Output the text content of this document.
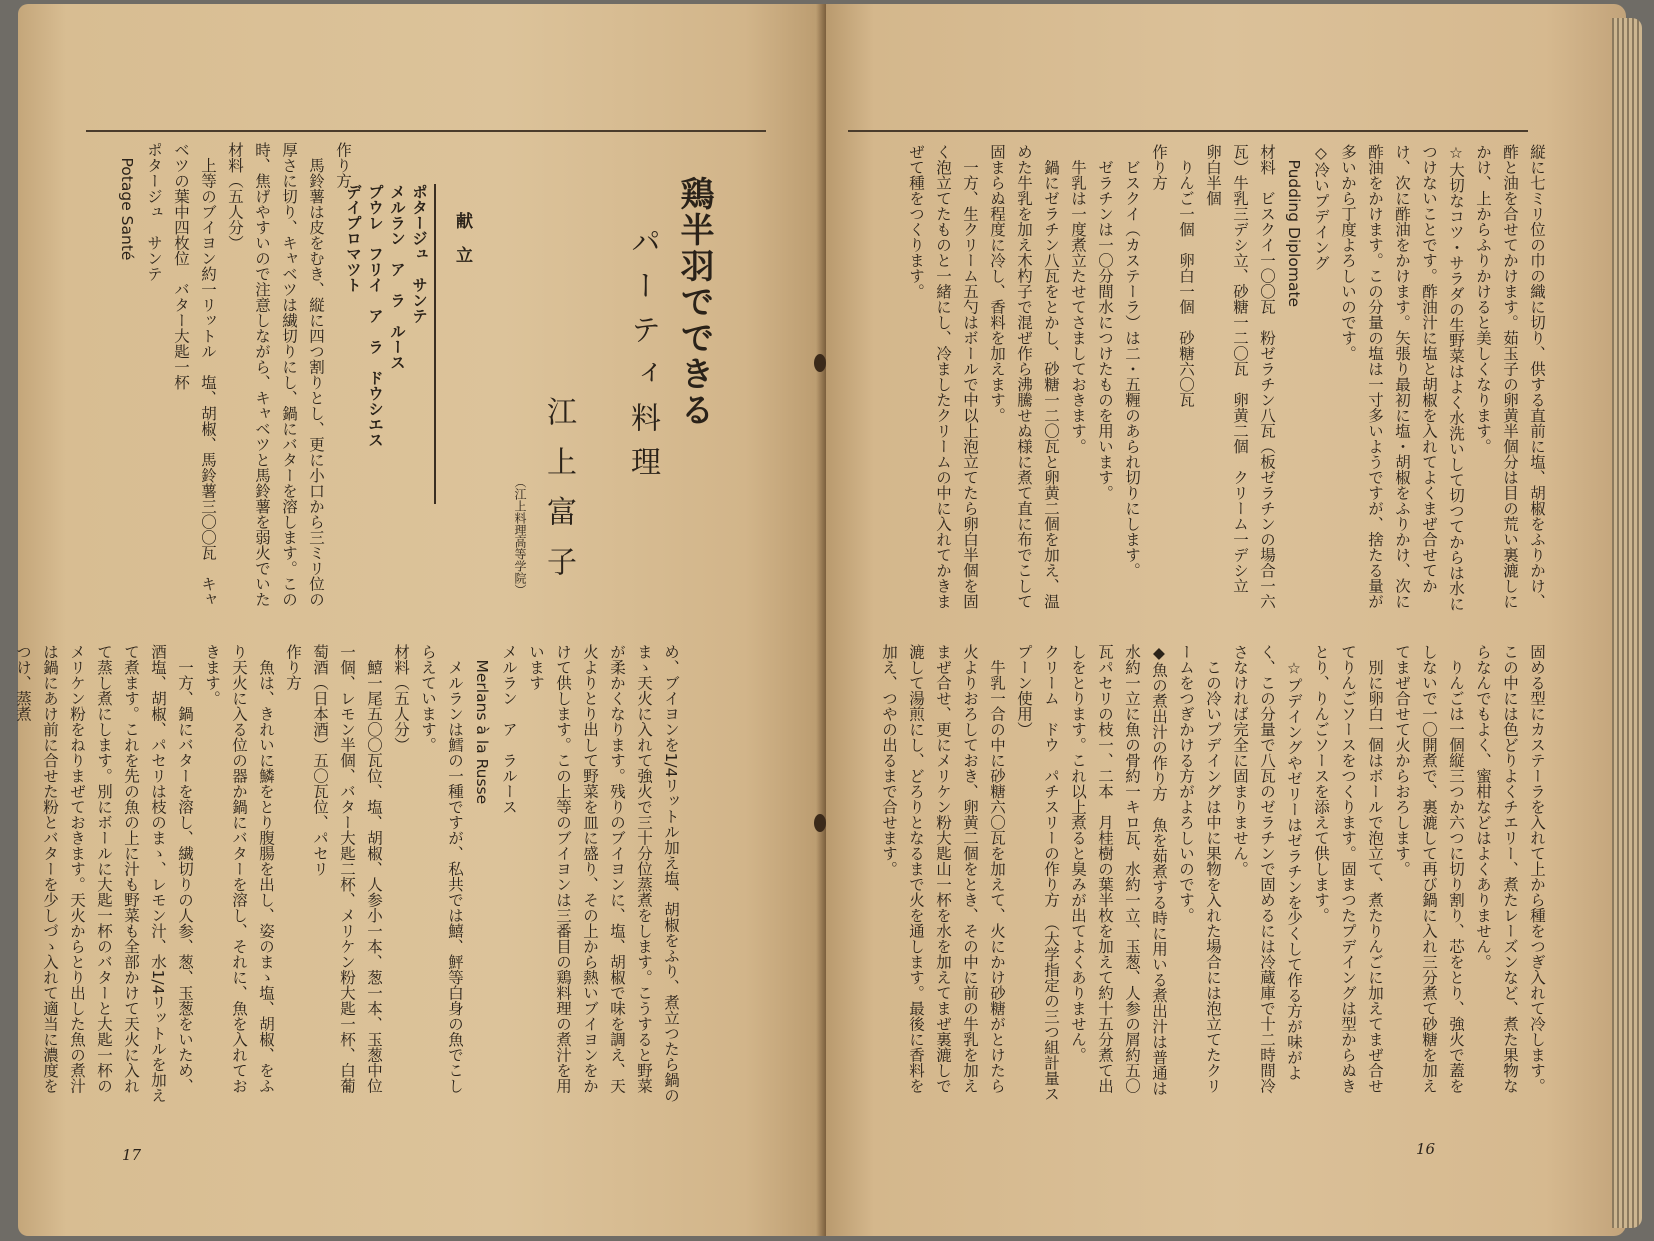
作り方
　馬鈴薯は皮をむき、縦に四つ割りとし、更に小口から三ミリ位の厚さに切り、キャベツは繊切りにし、鍋にバターを溶します。この時、焦げやすいので注意しながら、キャベツと馬鈴薯を弱火でいた
材料（五人分）
　上等のブイヨン約一リットル　塩、胡椒、馬鈴薯三〇〇瓦　キャベツの葉中四枚位　バター大匙一杯
ポタージュ　サンテ
　Potage Santé	献　立
ポタージュ　サンテ
メルラン　ア　ラ　ルース
プウレ　フリイ　ア　ラ　ドウシエス
デイプロマツト	鶏半羽でできる
パーティ料理
江上富子
（江上料理高等学院）
め、ブイヨンを1/4リットル加え塩、胡椒をふり、煮立つたら鍋のまゝ天火に入れて強火で三十分位蒸煮をします。こうすると野菜が柔かくなります。残りのブイヨンに、塩、胡椒で味を調え、天火よりとり出して野菜を皿に盛り、その上から熱いブイヨンをかけて供します。この上等のブイヨンは三番目の鶏料理の煮汁を用います
メルラン　ア　ラルース
　Merlans à la Russe
　メルランは鱈の一種ですが、私共では鱚、鮃等白身の魚でこしらえています。
材料（五人分）
　鱚一尾五〇〇瓦位、塩、胡椒、人参小一本、葱一本、玉葱中位一個、レモン半個、バター大匙二杯、メリケン粉大匙一杯、白葡萄酒（日本酒）五〇瓦位、パセリ
作り方
　魚は、きれいに鱗をとり腹腸を出し、姿のまゝ塩、胡椒、をふり天火に入る位の器か鍋にバターを溶し、それに、魚を入れておきます。
　一方、鍋にバターを溶し、繊切りの人参、葱、玉葱をいため、酒塩、胡椒、パセリは枝のまゝ、レモン汁、水1/4リットルを加えて煮ます。これを先の魚の上に汁も野菜も全部かけて天火に入れて蒸し煮にします。別にボールに大匙一杯のバターと大匙一杯のメリケン粉をねりまぜておきます。天火からとり出した魚の煮汁は鍋にあけ前に合せた粉とバターを少しづゝ入れて適当に濃度をつけ、蒸煮
17
縦に七ミリ位の巾の織に切り、供する直前に塩、胡椒をふりかけ、酢と油を合せてかけます。茹玉子の卵黄半個分は目の荒い裏漉しにかけ、上からふりかけると美しくなります。
☆大切なコツ・サラダの生野菜はよく水洗いして切つてからは水につけないことです。酢油汁に塩と胡椒を入れてよくまぜ合せてかけ、次に酢油をかけます。矢張り最初に塩・胡椒をふりかけ、次に酢油をかけます。この分量の塩は一寸多いようですが、捨たる量が多いから丁度よろしいのです。
◇冷いプデイング
　Pudding Diplomate
材料　ビスクイ一〇〇瓦　粉ゼラチン八瓦（板ゼラチンの場合一六瓦）牛乳三デシ立、砂糖一二〇瓦　卵黄二個　クリーム一デシ立　卵白半個
　りんご一個　卵白一個　砂糖六〇瓦
作り方
　ビスクイ（カステーラ）は二・五糎のあられ切りにします。
　ゼラチンは一〇分間水につけたものを用います。
　牛乳は一度煮立たせてさましておきます。
　鍋にゼラチン八瓦をとかし、砂糖一二〇瓦と卵黄二個を加え、温めた牛乳を加え木杓子で混ぜ作ら沸騰せぬ様に煮て直に布でこして固まらぬ程度に冷し、香料を加えます。
　一方、生クリーム五勺はボールで中以上泡立てたら卵白半個を固く泡立てたものと一緒にし、冷ましたクリームの中に入れてかきまぜて種をつくります。
固める型にカステーラを入れて上から種をつぎ入れて冷します。この中には色どりよくチエリー、煮たレーズンなど、煮た果物ならなんでもよく、蜜柑などはよくありません。
　りんごは一個縦三つか六つに切り割り、芯をとり、強火で蓋をしないで一〇開煮で、裏漉して再び鍋に入れ三分煮て砂糖を加えてまぜ合せて火からおろします。
　別に卵白一個はボールで泡立て、煮たりんごに加えてまぜ合せてりんごソースをつくります。固まつたプデイングは型からぬきとり、りんごソースを添えて供します。
　☆プデイングやゼリーはゼラチンを少くして作る方が味がよく、この分量で八瓦のゼラチンで固めるには冷蔵庫で十二時間冷さなければ完全に固まりません。
　この冷いプデイングは中に果物を入れた場合には泡立てたクリームをつぎかける方がよろしいのです。
◆魚の煮出汁の作り方　魚を茹煮する時に用いる煮出汁は普通は水約一立に魚の骨約一キロ瓦、水約一立、玉葱、人参の屑約五〇瓦パセリの枝一、二本　月桂樹の葉半枚を加えて約十五分煮て出しをとります。これ以上煮ると臭みが出てよくありません。
クリーム　ドウ　パチスリーの作り方　（大学指定の三つ組計量スプーン使用）
　牛乳一合の中に砂糖六〇瓦を加えて、火にかけ砂糖がとけたら火よりおろしておき、卵黄二個をとき、その中に前の牛乳を加えまぜ合せ、更にメリケン粉大匙山一杯を水を加えてまぜ裏漉しで漉して湯煎にし、どろりとなるまで火を通します。最後に香料を加え、つやの出るまで合せます。
16
